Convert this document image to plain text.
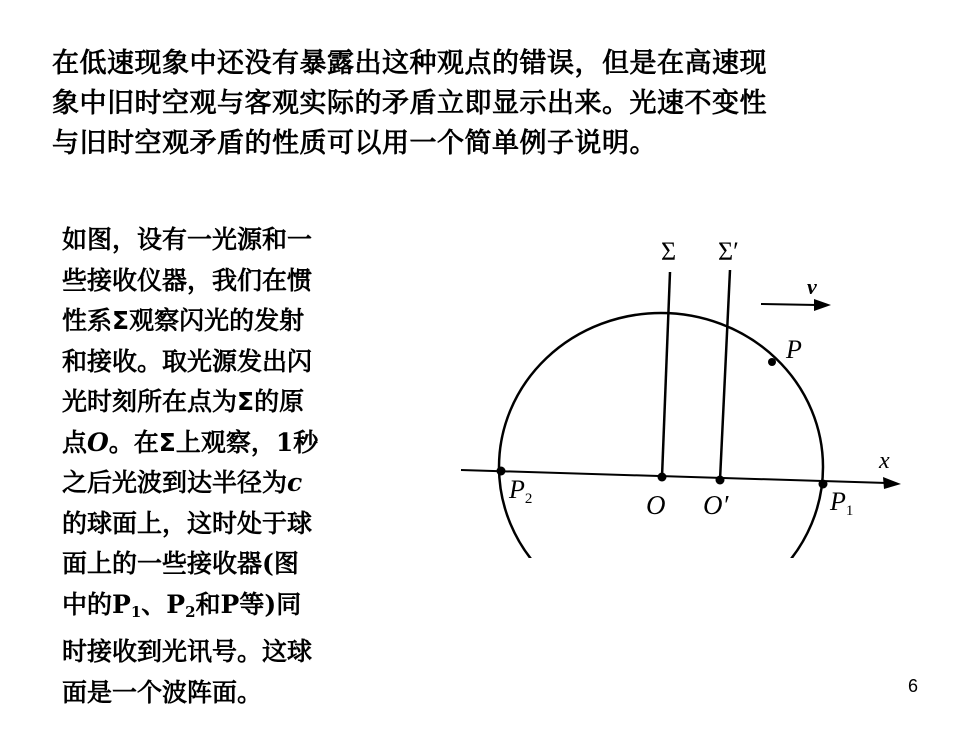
在低速现象中还没有暴露出这种观点的错误，但是在高速现
象中旧时空观与客观实际的矛盾立即显示出来。光速不变性
与旧时空观矛盾的性质可以用一个简单例子说明。
如图，设有一光源和一
些接收仪器，我们在惯
性系Σ观察闪光的发射
和接收。取光源发出闪
光时刻所在点为Σ的原
点O。在Σ上观察，1秒
之后光波到达半径为c
的球面上，这时处于球
面上的一些接收器(图
中的$P_1$、$P_2$和P等)同
时接收到光讯号。这球
面是一个波阵面。
x
Σ Σ′
v
P
P2	O O′	P1
6
